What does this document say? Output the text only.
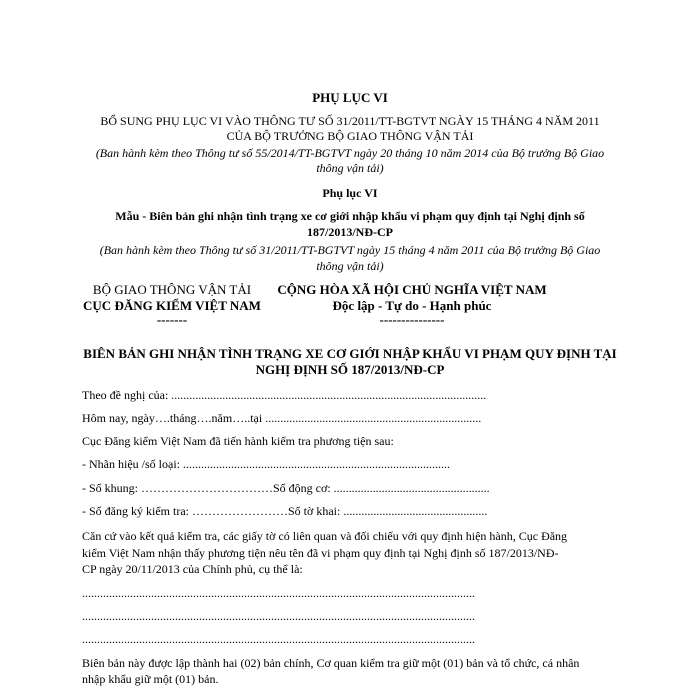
PHỤ LỤC VI
BỔ SUNG PHỤ LỤC VI VÀO THÔNG TƯ SỐ 31/2011/TT-BGTVT NGÀY 15 THÁNG 4 NĂM 2011
CỦA BỘ TRƯỞNG BỘ GIAO THÔNG VẬN TẢI
(Ban hành kèm theo Thông tư số 55/2014/TT-BGTVT ngày 20 tháng 10 năm 2014 của Bộ trưởng Bộ Giao
thông vận tải)
Phụ lục VI
Mẫu - Biên bản ghi nhận tình trạng xe cơ giới nhập khẩu vi phạm quy định tại Nghị định số
187/2013/NĐ-CP
(Ban hành kèm theo Thông tư số 31/2011/TT-BGTVT ngày 15 tháng 4 năm 2011 của Bộ trưởng Bộ Giao
thông vận tải)
BỘ GIAO THÔNG VẬN TẢI
CỤC ĐĂNG KIỂM VIỆT NAM
-------
CỘNG HÒA XÃ HỘI CHỦ NGHĨA VIỆT NAM
Độc lập - Tự do - Hạnh phúc
---------------
BIÊN BẢN GHI NHẬN TÌNH TRẠNG XE CƠ GIỚI NHẬP KHẨU VI PHẠM QUY ĐỊNH TẠI
NGHỊ ĐỊNH SỐ 187/2013/NĐ-CP
Theo đề nghị của: .........................................................................................................
Hôm nay, ngày….tháng….năm…..tại ........................................................................
Cục Đăng kiểm Việt Nam đã tiến hành kiểm tra phương tiện sau:
- Nhãn hiệu /số loại: .........................................................................................
- Số khung: ……………………………Số động cơ: ....................................................
- Số đăng ký kiểm tra: ……………………Số tờ khai: ................................................
Căn cứ vào kết quả kiểm tra, các giấy tờ có liên quan và đối chiếu với quy định hiện hành, Cục Đăng
kiểm Việt Nam nhận thấy phương tiện nêu tên đã vi phạm quy định tại Nghị định số 187/2013/NĐ-
CP ngày 20/11/2013 của Chính phủ, cụ thể là:
...................................................................................................................................
...................................................................................................................................
...................................................................................................................................
Biên bản này được lập thành hai (02) bản chính, Cơ quan kiểm tra giữ một (01) bản và tổ chức, cá nhân
nhập khẩu giữ một (01) bản.
